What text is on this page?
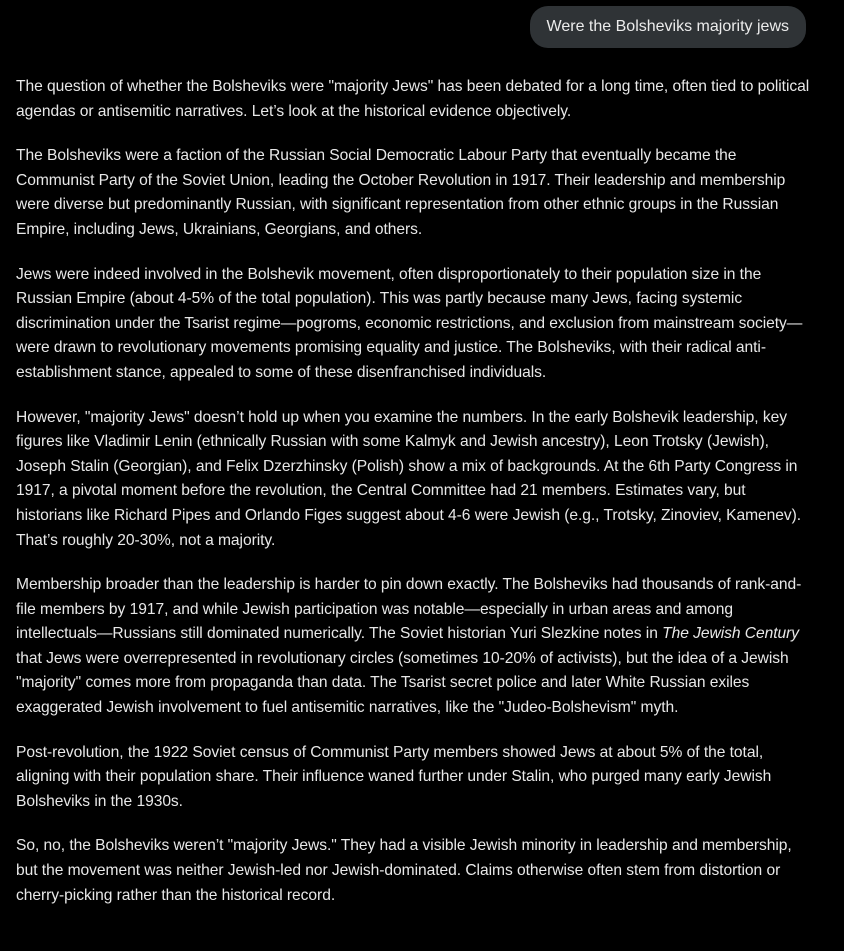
Were the Bolsheviks majority jews

The question of whether the Bolsheviks were "majority Jews" has been debated for a long time, often tied to political agendas or antisemitic narratives. Let’s look at the historical evidence objectively.

The Bolsheviks were a faction of the Russian Social Democratic Labour Party that eventually became the Communist Party of the Soviet Union, leading the October Revolution in 1917. Their leadership and membership were diverse but predominantly Russian, with significant representation from other ethnic groups in the Russian Empire, including Jews, Ukrainians, Georgians, and others.

Jews were indeed involved in the Bolshevik movement, often disproportionately to their population size in the Russian Empire (about 4-5% of the total population). This was partly because many Jews, facing systemic discrimination under the Tsarist regime—pogroms, economic restrictions, and exclusion from mainstream society—were drawn to revolutionary movements promising equality and justice. The Bolsheviks, with their radical anti-establishment stance, appealed to some of these disenfranchised individuals.

However, "majority Jews" doesn’t hold up when you examine the numbers. In the early Bolshevik leadership, key figures like Vladimir Lenin (ethnically Russian with some Kalmyk and Jewish ancestry), Leon Trotsky (Jewish), Joseph Stalin (Georgian), and Felix Dzerzhinsky (Polish) show a mix of backgrounds. At the 6th Party Congress in 1917, a pivotal moment before the revolution, the Central Committee had 21 members. Estimates vary, but historians like Richard Pipes and Orlando Figes suggest about 4-6 were Jewish (e.g., Trotsky, Zinoviev, Kamenev). That’s roughly 20-30%, not a majority.

Membership broader than the leadership is harder to pin down exactly. The Bolsheviks had thousands of rank-and-file members by 1917, and while Jewish participation was notable—especially in urban areas and among intellectuals—Russians still dominated numerically. The Soviet historian Yuri Slezkine notes in The Jewish Century that Jews were overrepresented in revolutionary circles (sometimes 10-20% of activists), but the idea of a Jewish "majority" comes more from propaganda than data. The Tsarist secret police and later White Russian exiles exaggerated Jewish involvement to fuel antisemitic narratives, like the "Judeo-Bolshevism" myth.

Post-revolution, the 1922 Soviet census of Communist Party members showed Jews at about 5% of the total, aligning with their population share. Their influence waned further under Stalin, who purged many early Jewish Bolsheviks in the 1930s.

So, no, the Bolsheviks weren’t "majority Jews." They had a visible Jewish minority in leadership and membership, but the movement was neither Jewish-led nor Jewish-dominated. Claims otherwise often stem from distortion or cherry-picking rather than the historical record.
